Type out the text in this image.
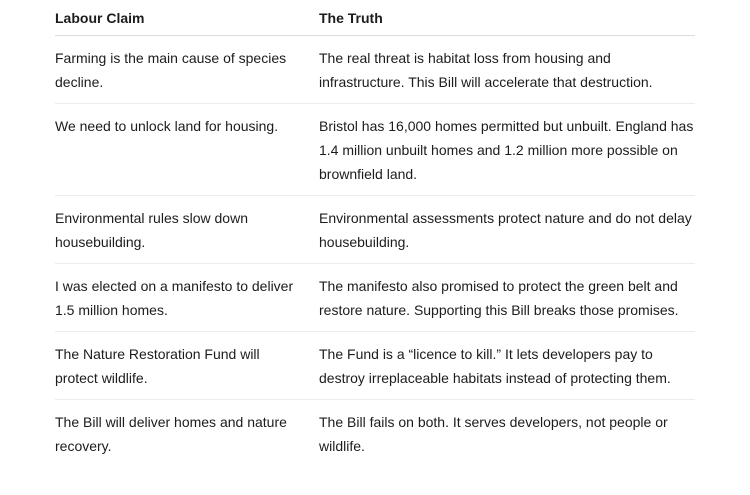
Labour Claim	The Truth
Farming is the main cause of species decline.	The real threat is habitat loss from housing and infrastructure. This Bill will accelerate that destruction.
We need to unlock land for housing.	Bristol has 16,000 homes permitted but unbuilt. England has 1.4 million unbuilt homes and 1.2 million more possible on brownfield land.
Environmental rules slow down housebuilding.	Environmental assessments protect nature and do not delay housebuilding.
I was elected on a manifesto to deliver 1.5 million homes.	The manifesto also promised to protect the green belt and restore nature. Supporting this Bill breaks those promises.
The Nature Restoration Fund will protect wildlife.	The Fund is a “licence to kill.” It lets developers pay to destroy irreplaceable habitats instead of protecting them.
The Bill will deliver homes and nature recovery.	The Bill fails on both. It serves developers, not people or wildlife.
